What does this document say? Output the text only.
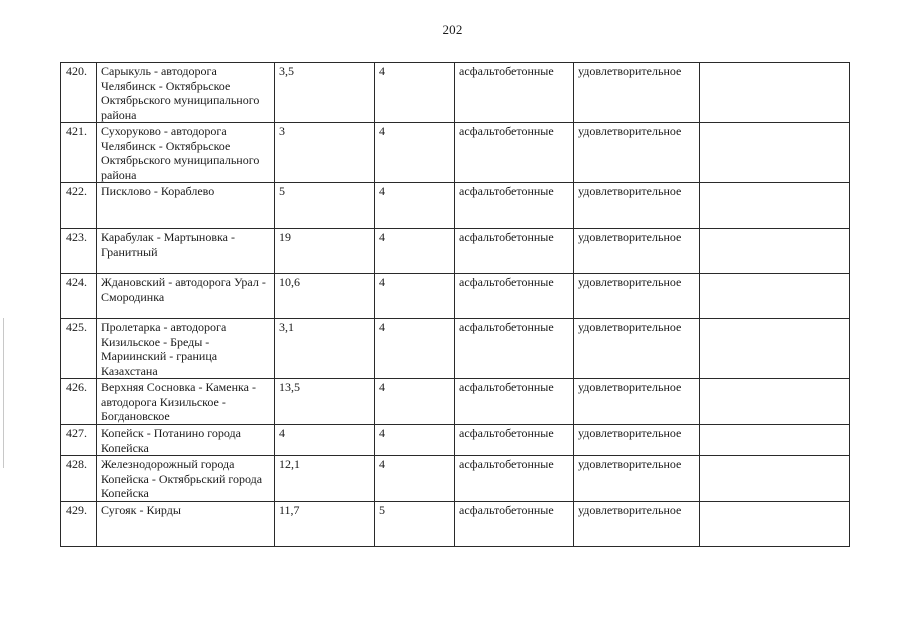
202
420.	Сарыкуль - автодорога Челябинск - Октябрьское Октябрьского муниципального района	3,5	4	асфальтобетонные	удовлетворительное	
421.	Сухоруково - автодорога Челябинск - Октябрьское Октябрьского муниципального района	3	4	асфальтобетонные	удовлетворительное	
422.	Писклово - Кораблево	5	4	асфальтобетонные	удовлетворительное	
423.	Карабулак - Мартыновка - Гранитный	19	4	асфальтобетонные	удовлетворительное	
424.	Ждановский - автодорога Урал - Смородинка	10,6	4	асфальтобетонные	удовлетворительное	
425.	Пролетарка - автодорога Кизильское - Бреды - Мариинский - граница Казахстана	3,1	4	асфальтобетонные	удовлетворительное	
426.	Верхняя Сосновка - Каменка - автодорога Кизильское - Богдановское	13,5	4	асфальтобетонные	удовлетворительное	
427.	Копейск - Потанино города Копейска	4	4	асфальтобетонные	удовлетворительное	
428.	Железнодорожный города Копейска - Октябрьский города Копейска	12,1	4	асфальтобетонные	удовлетворительное	
429.	Сугояк - Кирды	11,7	5	асфальтобетонные	удовлетворительное	
